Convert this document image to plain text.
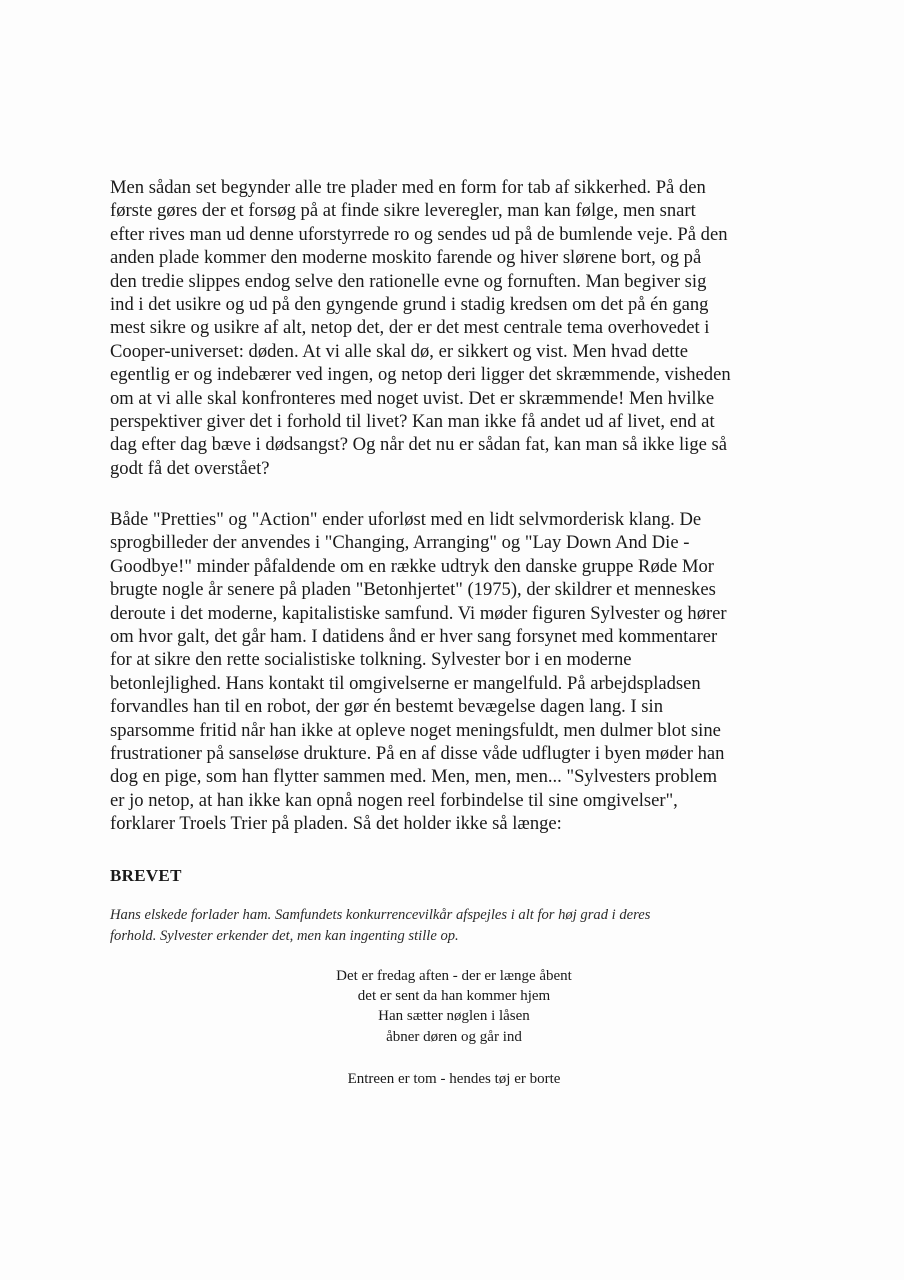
Men sådan set begynder alle tre plader med en form for tab af sikkerhed. På den
første gøres der et forsøg på at finde sikre leveregler, man kan følge, men snart
efter rives man ud denne uforstyrrede ro og sendes ud på de bumlende veje. På den
anden plade kommer den moderne moskito farende og hiver slørene bort, og på
den tredie slippes endog selve den rationelle evne og fornuften. Man begiver sig
ind i det usikre og ud på den gyngende grund i stadig kredsen om det på én gang
mest sikre og usikre af alt, netop det, der er det mest centrale tema overhovedet i
Cooper-universet: døden. At vi alle skal dø, er sikkert og vist. Men hvad dette
egentlig er og indebærer ved ingen, og netop deri ligger det skræmmende, visheden
om at vi alle skal konfronteres med noget uvist. Det er skræmmende! Men hvilke
perspektiver giver det i forhold til livet? Kan man ikke få andet ud af livet, end at
dag efter dag bæve i dødsangst? Og når det nu er sådan fat, kan man så ikke lige så
godt få det overstået?

Både "Pretties" og "Action" ender uforløst med en lidt selvmorderisk klang. De
sprogbilleder der anvendes i "Changing, Arranging" og "Lay Down And Die -
Goodbye!" minder påfaldende om en række udtryk den danske gruppe Røde Mor
brugte nogle år senere på pladen "Betonhjertet" (1975), der skildrer et menneskes
deroute i det moderne, kapitalistiske samfund. Vi møder figuren Sylvester og hører
om hvor galt, det går ham. I datidens ånd er hver sang forsynet med kommentarer
for at sikre den rette socialistiske tolkning. Sylvester bor i en moderne
betonlejlighed. Hans kontakt til omgivelserne er mangelfuld. På arbejdspladsen
forvandles han til en robot, der gør én bestemt bevægelse dagen lang. I sin
sparsomme fritid når han ikke at opleve noget meningsfuldt, men dulmer blot sine
frustrationer på sanseløse drukture. På en af disse våde udflugter i byen møder han
dog en pige, som han flytter sammen med. Men, men, men... "Sylvesters problem
er jo netop, at han ikke kan opnå nogen reel forbindelse til sine omgivelser",
forklarer Troels Trier på pladen. Så det holder ikke så længe:

BREVET

Hans elskede forlader ham. Samfundets konkurrencevilkår afspejles i alt for høj grad i deres
forhold. Sylvester erkender det, men kan ingenting stille op.

Det er fredag aften - der er længe åbent
det er sent da han kommer hjem
Han sætter nøglen i låsen
åbner døren og går ind
Entreen er tom - hendes tøj er borte
